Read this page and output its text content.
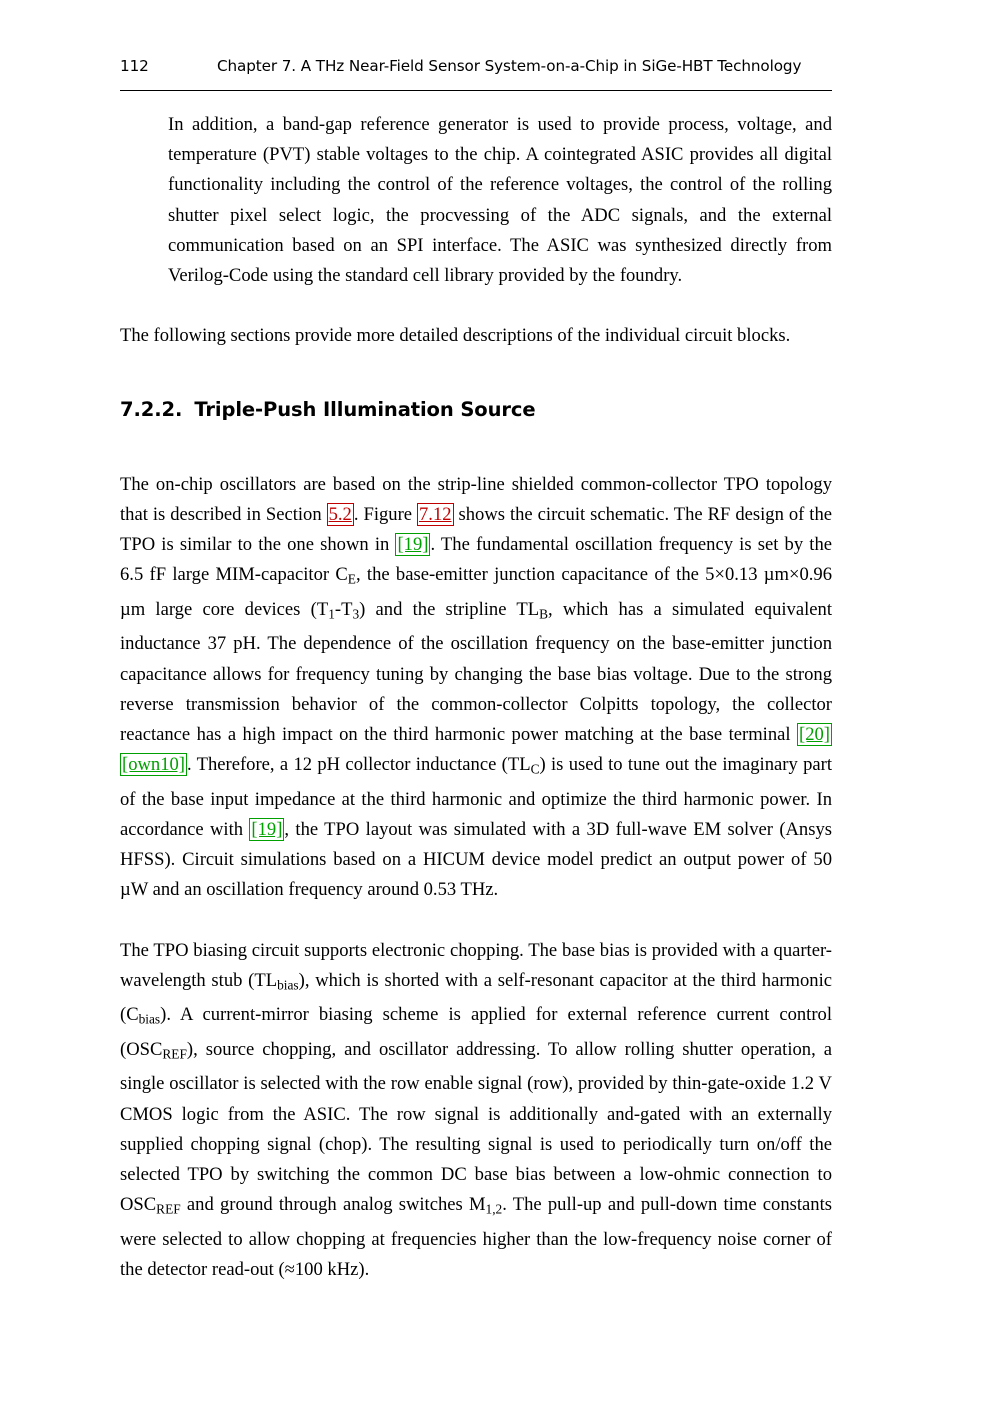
112	Chapter 7. A THz Near-Field Sensor System-on-a-Chip in SiGe-HBT Technology

In addition, a band-gap reference generator is used to provide process, voltage, and temperature (PVT) stable voltages to the chip. A cointegrated ASIC provides all digital functionality including the control of the reference voltages, the control of the rolling shutter pixel select logic, the procvessing of the ADC signals, and the external communication based on an SPI interface. The ASIC was synthesized directly from Verilog-Code using the standard cell library provided by the foundry.

The following sections provide more detailed descriptions of the individual circuit blocks.

7.2.2. Triple-Push Illumination Source

The on-chip oscillators are based on the strip-line shielded common-collector TPO topology that is described in Section 5.2 . Figure 7.12 shows the circuit schematic. The RF design of the TPO is similar to the one shown in [19] . The fundamental oscillation frequency is set by the 6.5 fF large MIM-capacitor $C_E$, the base-emitter junction capacitance of the 5×0.13 µm×0.96 µm large core devices $(T_1-T_3)$ and the stripline $TL_B$, which has a simulated equivalent inductance 37 pH. The dependence of the oscillation frequency on the base-emitter junction capacitance allows for frequency tuning by changing the base bias voltage. Due to the strong reverse transmission behavior of the common-collector Colpitts topology, the collector reactance has a high impact on the third harmonic power matching at the base terminal [20][own10] . Therefore, a 12 pH collector inductance $(TL_C)$ is used to tune out the imaginary part of the base input impedance at the third harmonic and optimize the third harmonic power. In accordance with [19] , the TPO layout was simulated with a 3D full-wave EM solver (Ansys HFSS). Circuit simulations based on a HICUM device model predict an output power of 50 µW and an oscillation frequency around 0.53 THz.

The TPO biasing circuit supports electronic chopping. The base bias is provided with a quarter-wavelength stub $(TL_{bias})$, which is shorted with a self-resonant capacitor at the third harmonic $(C_{bias})$. A current-mirror biasing scheme is applied for external reference current control $(OSC_{REF})$, source chopping, and oscillator addressing. To allow rolling shutter operation, a single oscillator is selected with the row enable signal (row), provided by thin-gate-oxide 1.2 V CMOS logic from the ASIC. The row signal is additionally and-gated with an externally supplied chopping signal (chop). The resulting signal is used to periodically turn on/off the selected TPO by switching the common DC base bias between a low-ohmic connection to $OSC_{REF}$ and ground through analog switches $M_{1,2}$. The pull-up and pull-down time constants were selected to allow chopping at frequencies higher than the low-frequency noise corner of the detector read-out (≈100 kHz).
